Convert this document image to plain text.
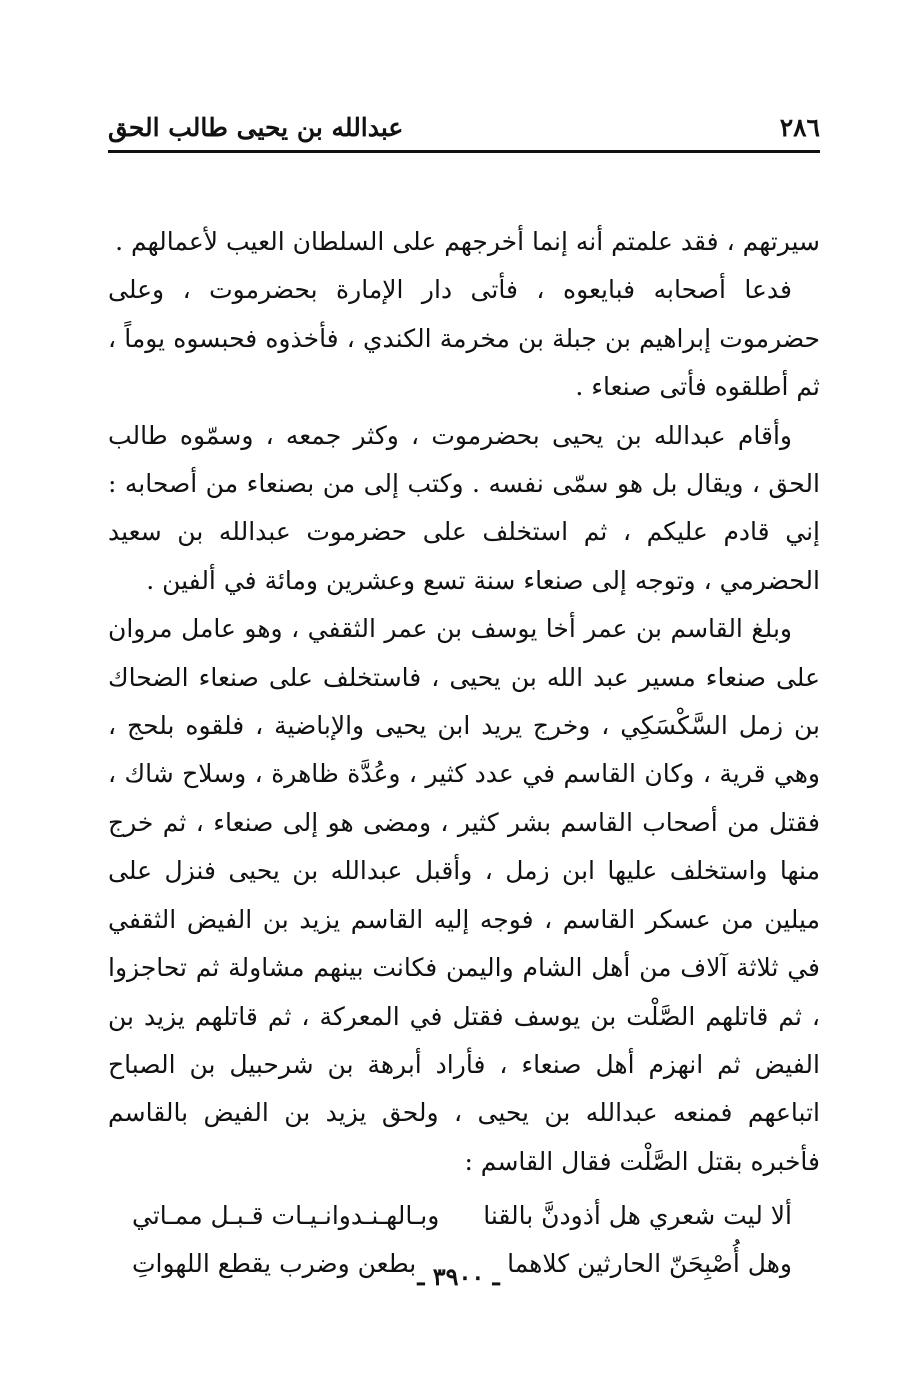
٢٨٦
عبدالله بن يحيى طالب الحق

سيرتهم ، فقد علمتم أنه إنما أخرجهم على السلطان العيب لأعمالهم .

فدعا أصحابه فبايعوه ، فأتى دار الإمارة بحضرموت ، وعلى حضرموت إبراهيم بن جبلة بن مخرمة الكندي ، فأخذوه فحبسوه يوماً ، ثم أطلقوه فأتى صنعاء .

وأقام عبدالله بن يحيى بحضرموت ، وكثر جمعه ، وسمّوه طالب الحق ، ويقال بل هو سمّى نفسه . وكتب إلى من بصنعاء من أصحابه : إني قادم عليكم ، ثم استخلف على حضرموت عبدالله بن سعيد الحضرمي ، وتوجه إلى صنعاء سنة تسع وعشرين ومائة في ألفين .

وبلغ القاسم بن عمر أخا يوسف بن عمر الثقفي ، وهو عامل مروان على صنعاء مسير عبد الله بن يحيى ، فاستخلف على صنعاء الضحاك بن زمل السَّكْسَكِي ، وخرج يريد ابن يحيى والإباضية ، فلقوه بلحج ، وهي قرية ، وكان القاسم في عدد كثير ، وعُدَّة ظاهرة ، وسلاح شاك ، فقتل من أصحاب القاسم بشر كثير ، ومضى هو إلى صنعاء ، ثم خرج منها واستخلف عليها ابن زمل ، وأقبل عبدالله بن يحيى فنزل على ميلين من عسكر القاسم ، فوجه إليه القاسم يزيد بن الفيض الثقفي في ثلاثة آلاف من أهل الشام واليمن فكانت بينهم مشاولة ثم تحاجزوا ، ثم قاتلهم الصَّلْت بن يوسف فقتل في المعركة ، ثم قاتلهم يزيد بن الفيض ثم انهزم أهل صنعاء ، فأراد أبرهة بن شرحبيل بن الصباح اتباعهم فمنعه عبدالله بن يحيى ، ولحق يزيد بن الفيض بالقاسم فأخبره بقتل الصَّلْت فقال القاسم :

ألا ليت شعري هل أذودنَّ بالقنا
وبـالهـنـدوانـيـات قـبـل ممـاتي
وهل أُصْبِحَنّ الحارثين كلاهما
بطعن وضرب يقطع اللهواتِ ـ ٣٩٠٠ ـ
